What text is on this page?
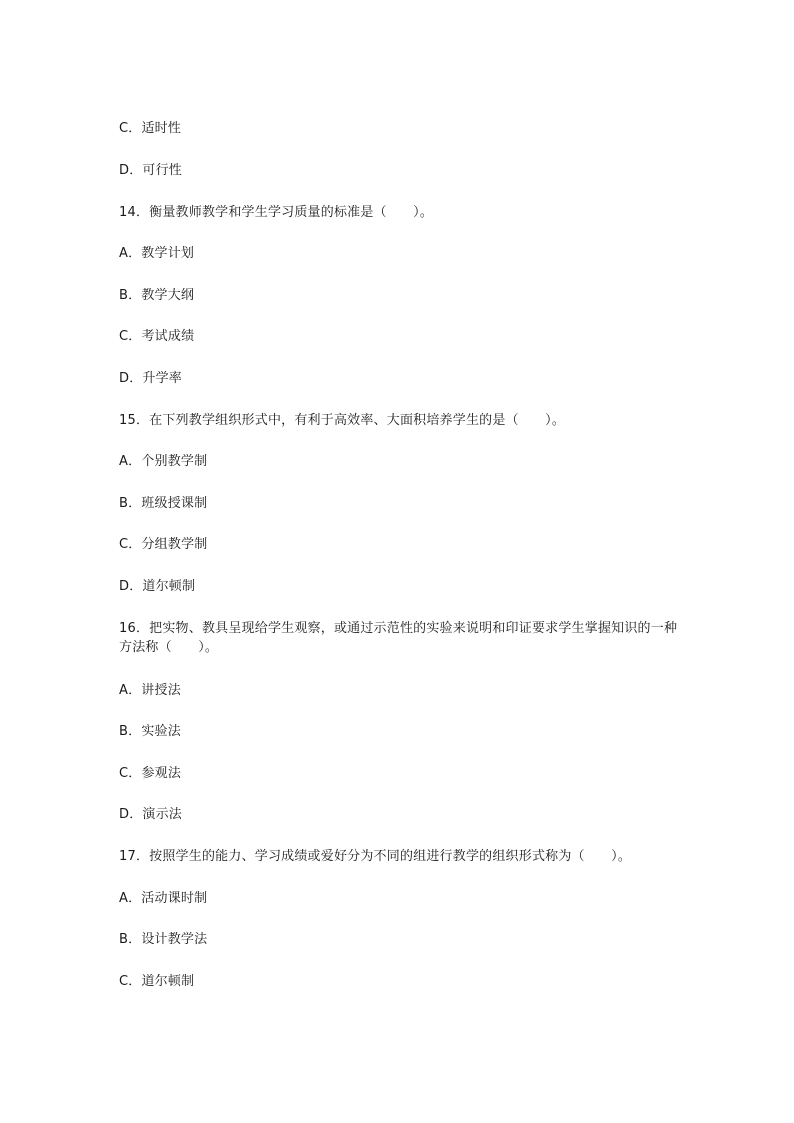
C．适时性
D．可行性
14．衡量教师教学和学生学习质量的标准是（　　）。
A．教学计划
B．教学大纲
C．考试成绩
D．升学率
15．在下列教学组织形式中，有利于高效率、大面积培养学生的是（　　）。
A．个别教学制
B．班级授课制
C．分组教学制
D．道尔顿制
16．把实物、教具呈现给学生观察，或通过示范性的实验来说明和印证要求学生掌握知识的一种方法称（　　）。
A．讲授法
B．实验法
C．参观法
D．演示法
17．按照学生的能力、学习成绩或爱好分为不同的组进行教学的组织形式称为（　　）。
A．活动课时制
B．设计教学法
C．道尔顿制
